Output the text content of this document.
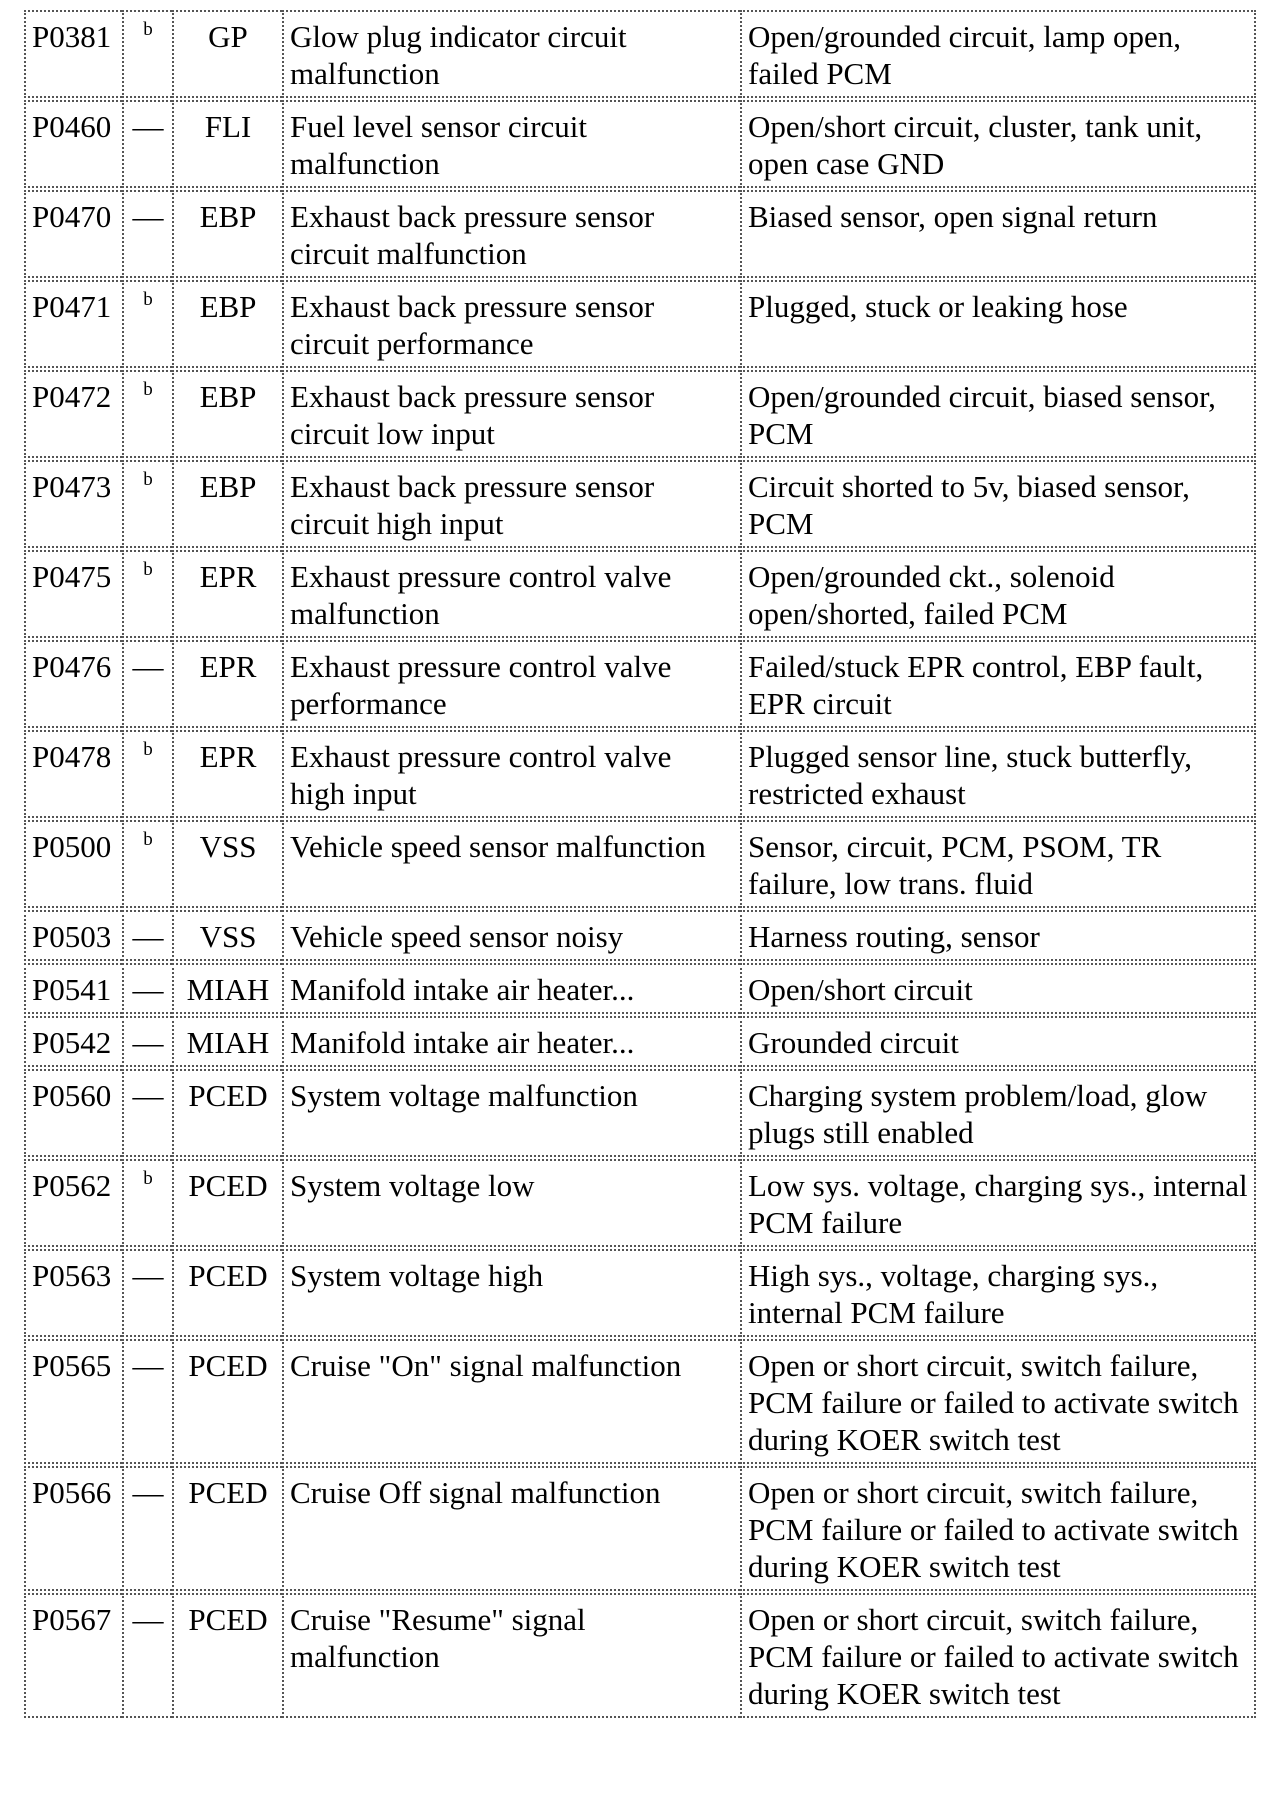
P0381	$^b$	GP	Glow plug indicator circuit malfunction	Open/grounded circuit, lamp open, failed PCM
P0460	—	FLI	Fuel level sensor circuit malfunction	Open/short circuit, cluster, tank unit, open case GND
P0470	—	EBP	Exhaust back pressure sensor circuit malfunction	Biased sensor, open signal return
P0471	$^b$	EBP	Exhaust back pressure sensor circuit performance	Plugged, stuck or leaking hose
P0472	$^b$	EBP	Exhaust back pressure sensor circuit low input	Open/grounded circuit, biased sensor, PCM
P0473	$^b$	EBP	Exhaust back pressure sensor circuit high input	Circuit shorted to 5v, biased sensor, PCM
P0475	$^b$	EPR	Exhaust pressure control valve malfunction	Open/grounded ckt., solenoid open/shorted, failed PCM
P0476	—	EPR	Exhaust pressure control valve performance	Failed/stuck EPR control, EBP fault, EPR circuit
P0478	$^b$	EPR	Exhaust pressure control valve high input	Plugged sensor line, stuck butterfly, restricted exhaust
P0500	$^b$	VSS	Vehicle speed sensor malfunction	Sensor, circuit, PCM, PSOM, TR failure, low trans. fluid
P0503	—	VSS	Vehicle speed sensor noisy	Harness routing, sensor
P0541	—	MIAH	Manifold intake air heater...	Open/short circuit
P0542	—	MIAH	Manifold intake air heater...	Grounded circuit
P0560	—	PCED	System voltage malfunction	Charging system problem/load, glow plugs still enabled
P0562	$^b$	PCED	System voltage low	Low sys. voltage, charging sys., internal PCM failure
P0563	—	PCED	System voltage high	High sys., voltage, charging sys., internal PCM failure
P0565	—	PCED	Cruise "On" signal malfunction	Open or short circuit, switch failure, PCM failure or failed to activate switch during KOER switch test
P0566	—	PCED	Cruise Off signal malfunction	Open or short circuit, switch failure, PCM failure or failed to activate switch during KOER switch test
P0567	—	PCED	Cruise "Resume" signal malfunction	Open or short circuit, switch failure, PCM failure or failed to activate switch during KOER switch test
